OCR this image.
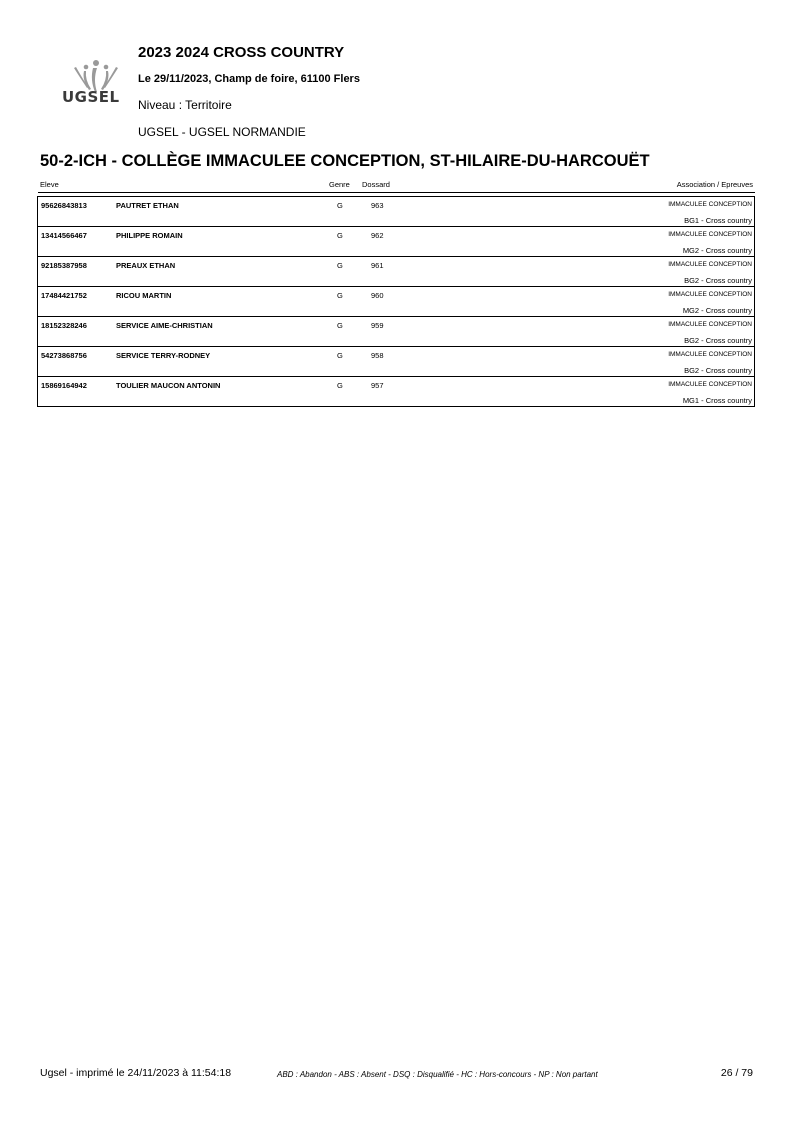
UGSEL
2023 2024 CROSS COUNTRY
Le 29/11/2023, Champ de foire, 61100 Flers
Niveau : Territoire
UGSEL - UGSEL NORMANDIE
50-2-ICH - COLLÈGE IMMACULEE CONCEPTION, ST-HILAIRE-DU-HARCOUËT
Eleve	Genre Dossard	Association / Epreuves
95626843813	PAUTRET ETHAN	G	963	IMMACULEE CONCEPTION
BG1 - Cross country
13414566467	PHILIPPE ROMAIN	G	962	IMMACULEE CONCEPTION
MG2 - Cross country
92185387958	PREAUX ETHAN	G	961	IMMACULEE CONCEPTION
BG2 - Cross country
17484421752	RICOU MARTIN	G	960	IMMACULEE CONCEPTION
MG2 - Cross country
18152328246	SERVICE AIME-CHRISTIAN	G	959	IMMACULEE CONCEPTION
BG2 - Cross country
54273868756	SERVICE TERRY-RODNEY	G	958	IMMACULEE CONCEPTION
BG2 - Cross country
15869164942	TOULIER MAUCON ANTONIN	G	957	IMMACULEE CONCEPTION
MG1 - Cross country
Ugsel - imprimé le 24/11/2023 à 11:54:18	ABD : Abandon - ABS : Absent - DSQ : Disqualifié - HC : Hors-concours - NP : Non partant	26 / 79
